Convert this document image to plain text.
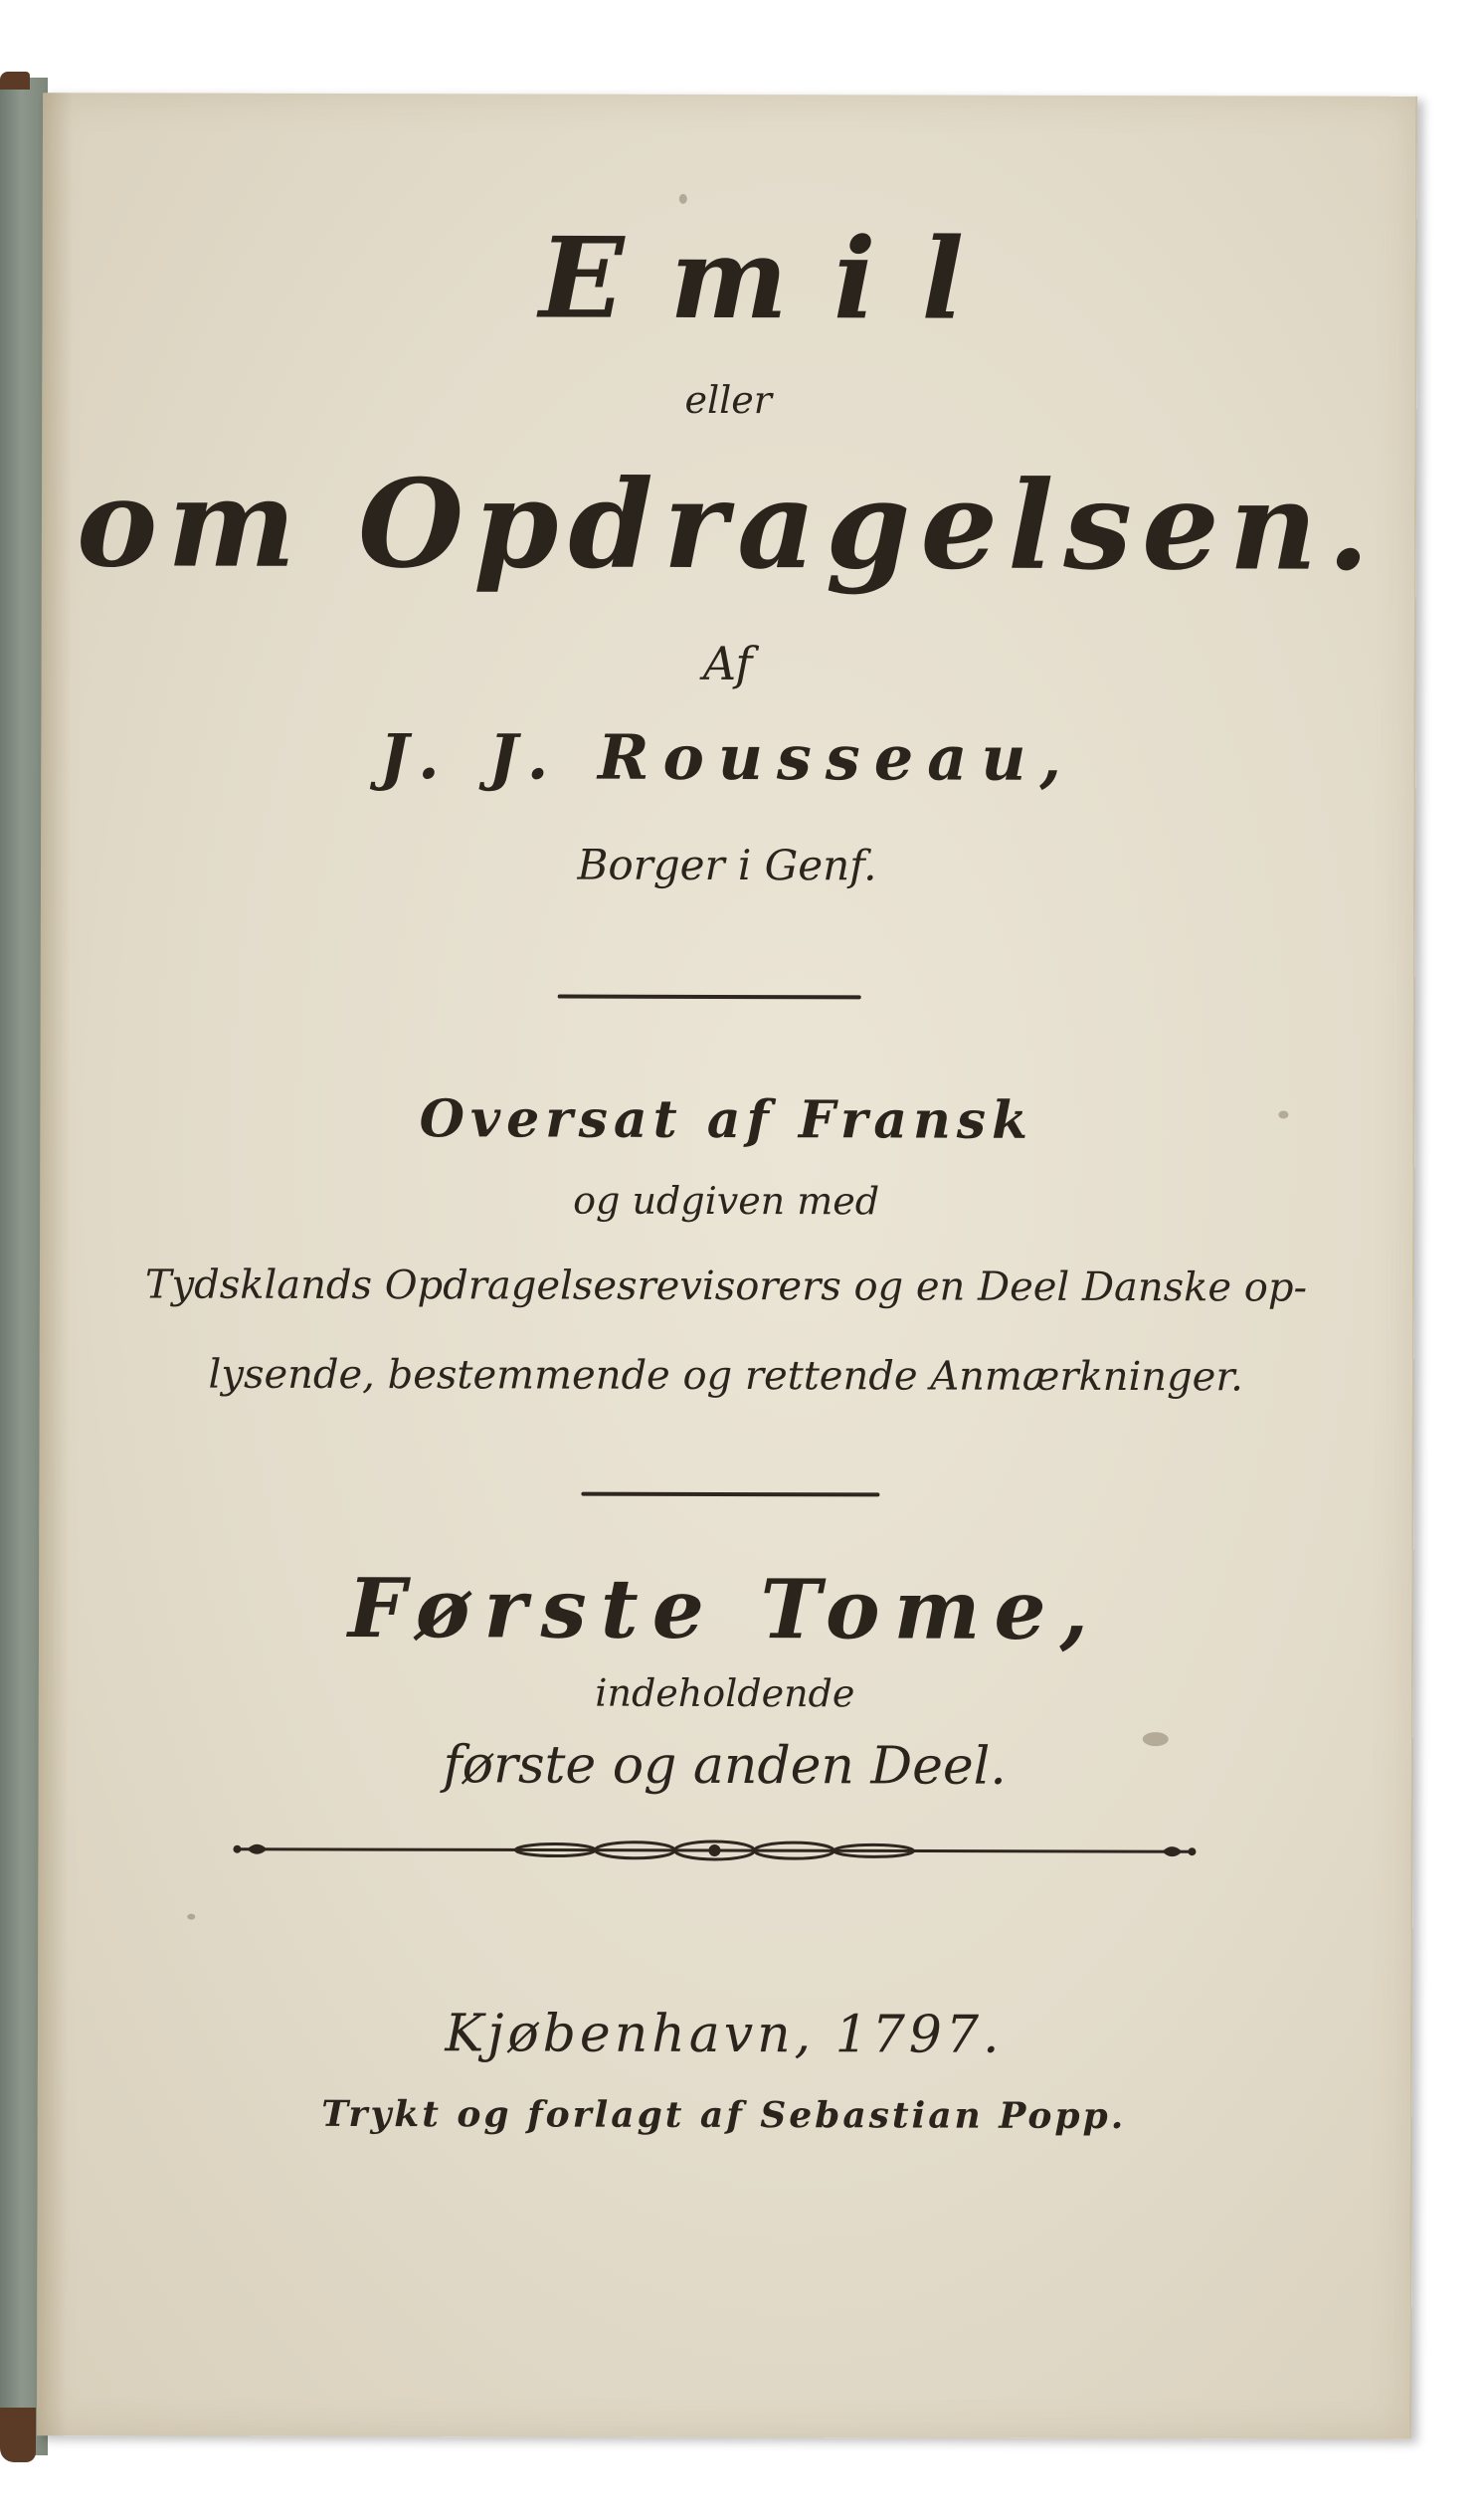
Emil
eller
om Opdragelsen.
Af
J. J. Rousseau,
Borger i Genf.
Oversat af Fransk
og udgiven med
Tydsklands Opdragelsesrevisorers og en Deel Danske op-
lysende, bestemmende og rettende Anmærkninger.
Første Tome,
indeholdende
første og anden Deel.
Kjøbenhavn, 1797.
Trykt og forlagt af Sebastian Popp.
